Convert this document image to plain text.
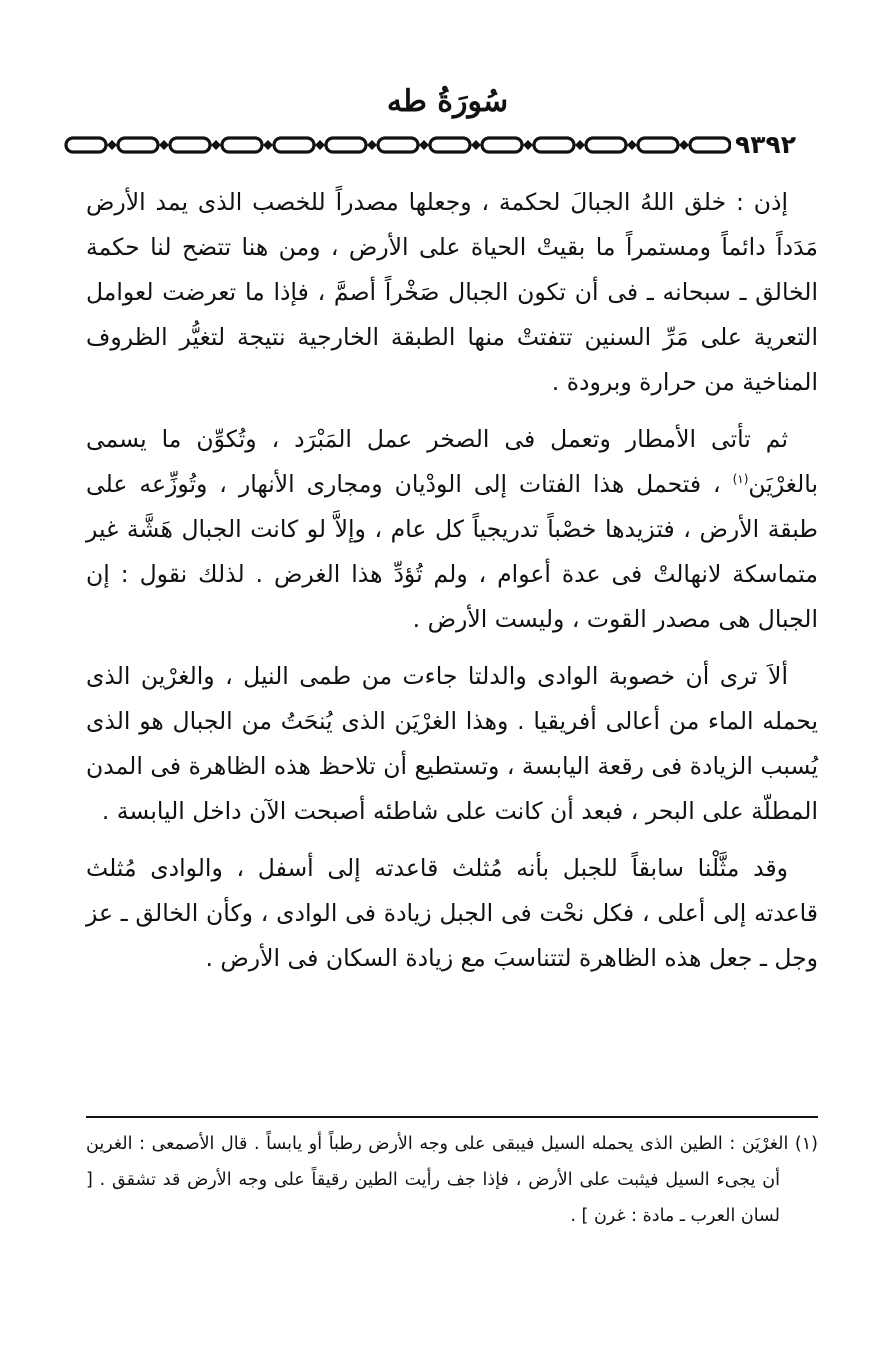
سُورَةُ طه
٩٣٩٢

إذن : خلق اللهُ الجبالَ لحكمة ، وجعلها مصدراً للخصب الذى يمد الأرض مَدَداً دائماً ومستمراً ما بقيتْ الحياة على الأرض ، ومن هنا تتضح لنا حكمة الخالق ـ سبحانه ـ فى أن تكون الجبال صَخْراً أصمَّ ، فإذا ما تعرضت لعوامل التعرية على مَرِّ السنين تتفتتْ منها الطبقة الخارجية نتيجة لتغيُّر الظروف المناخية من حرارة وبرودة .

ثم تأتى الأمطار وتعمل فى الصخر عمل المَبْرَد ، وتُكوِّن ما يسمى بالغرْيَن$^{(١)}$ ، فتحمل هذا الفتات إلى الودْيان ومجارى الأنهار ، وتُوزِّعه على طبقة الأرض ، فتزيدها خصْباً تدريجياً كل عام ، وإلاَّ لو كانت الجبال هَشَّة غير متماسكة لانهالتْ فى عدة أعوام ، ولم تُؤدِّ هذا الغرض . لذلك نقول : إن الجبال هى مصدر القوت ، وليست الأرض .

ألاَ ترى أن خصوبة الوادى والدلتا جاءت من طمى النيل ، والغرْين الذى يحمله الماء من أعالى أفريقيا . وهذا الغرْيَن الذى يُنحَتُ من الجبال هو الذى يُسبب الزيادة فى رقعة اليابسة ، وتستطيع أن تلاحظ هذه الظاهرة فى المدن المطلّة على البحر ، فبعد أن كانت على شاطئه أصبحت الآن داخل اليابسة .

وقد مثَّلْنا سابقاً للجبل بأنه مُثلث قاعدته إلى أسفل ، والوادى مُثلث قاعدته إلى أعلى ، فكل نحْت فى الجبل زيادة فى الوادى ، وكأن الخالق ـ عز وجل ـ جعل هذه الظاهرة لتتناسبَ مع زيادة السكان فى الأرض .

(١) الغرْيَن : الطين الذى يحمله السيل فيبقى على وجه الأرض رطباً أو يابساً . قال الأصمعى : الغرين أن يجىء السيل فيثبت على الأرض ، فإذا جف رأيت الطين رقيقاً على وجه الأرض قد تشقق . [ لسان العرب ـ مادة : غرن ] .
